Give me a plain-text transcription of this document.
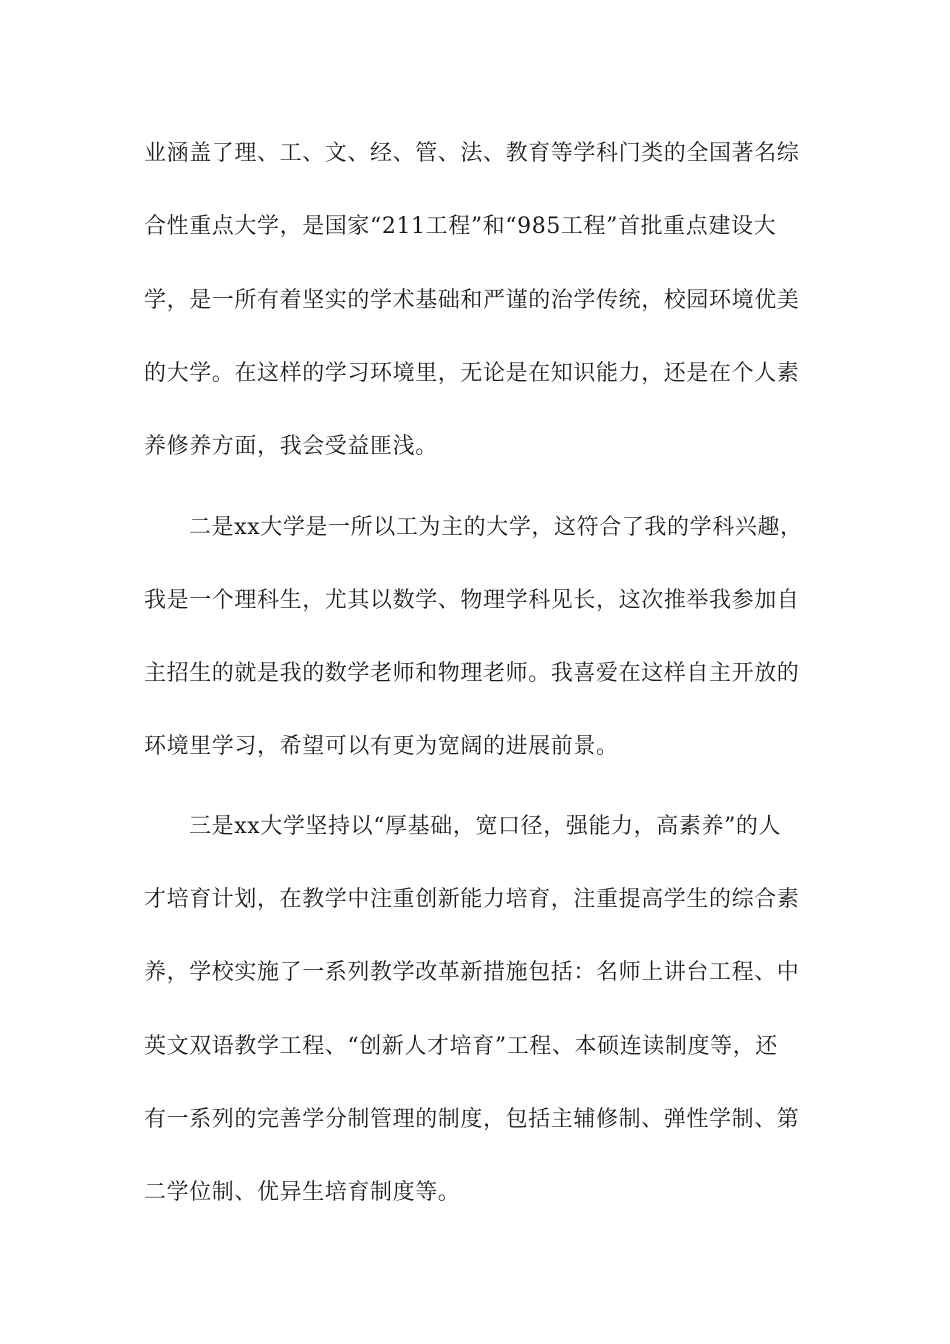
业涵盖了理、工、文、经、管、法、教育等学科门类的全国著名综
合性重点大学，是国家“211工程”和“985工程”首批重点建设大
学，是一所有着坚实的学术基础和严谨的治学传统，校园环境优美
的大学。在这样的学习环境里，无论是在知识能力，还是在个人素
养修养方面，我会受益匪浅。
二是xx大学是一所以工为主的大学，这符合了我的学科兴趣，
我是一个理科生，尤其以数学、物理学科见长，这次推举我参加自
主招生的就是我的数学老师和物理老师。我喜爱在这样自主开放的
环境里学习，希望可以有更为宽阔的进展前景。
三是xx大学坚持以“厚基础，宽口径，强能力，高素养”的人
才培育计划，在教学中注重创新能力培育，注重提高学生的综合素
养，学校实施了一系列教学改革新措施包括：名师上讲台工程、中
英文双语教学工程、“创新人才培育”工程、本硕连读制度等，还
有一系列的完善学分制管理的制度，包括主辅修制、弹性学制、第
二学位制、优异生培育制度等。
